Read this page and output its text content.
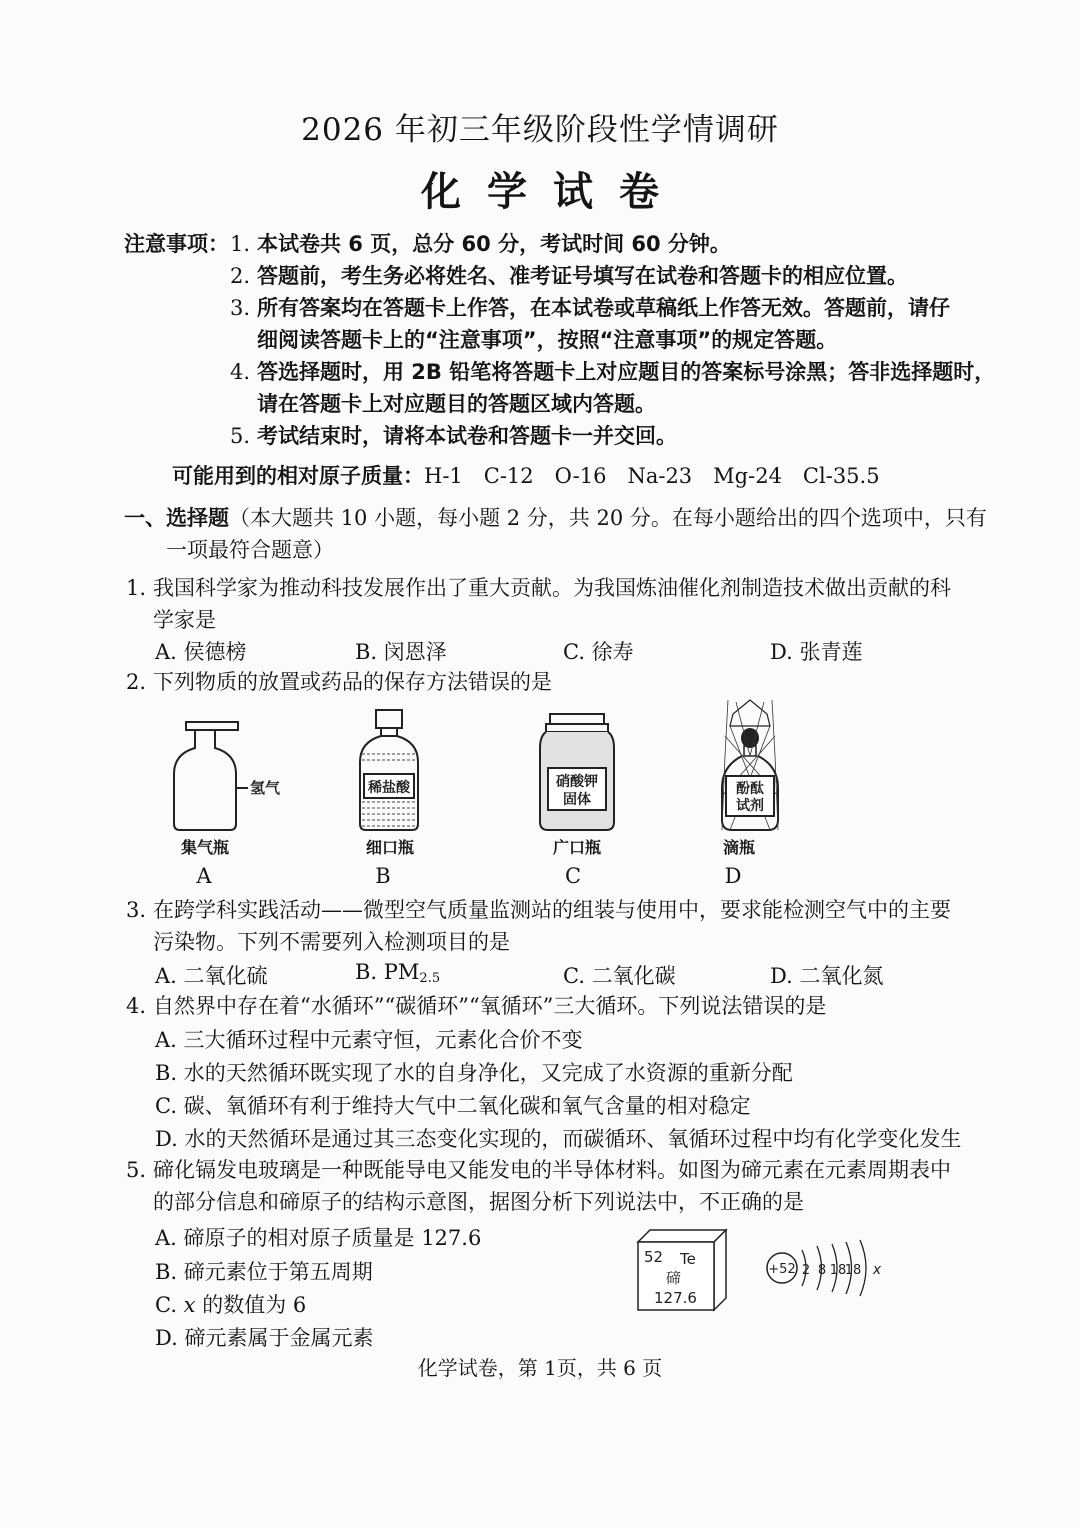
2026 年初三年级阶段性学情调研
化学试卷
注意事项： 1. 本试卷共 6 页，总分 60 分，考试时间 60 分钟。
2. 答题前，考生务必将姓名、准考证号填写在试卷和答题卡的相应位置。
3. 所有答案均在答题卡上作答，在本试卷或草稿纸上作答无效。答题前，请仔
细阅读答题卡上的“注意事项”，按照“注意事项”的规定答题。
4. 答选择题时，用 2B 铅笔将答题卡上对应题目的答案标号涂黑；答非选择题时，
请在答题卡上对应题目的答题区域内答题。
5. 考试结束时，请将本试卷和答题卡一并交回。
可能用到的相对原子质量：H-1　C-12　O-16　Na-23　Mg-24　Cl-35.5
一、选择题（本大题共 10 小题，每小题 2 分，共 20 分。在每小题给出的四个选项中，只有
一项最符合题意）
1. 我国科学家为推动科技发展作出了重大贡献。为我国炼油催化剂制造技术做出贡献的科
学家是
A. 侯德榜	B. 闵恩泽	C. 徐寿	D. 张青莲
2. 下列物质的放置或药品的保存方法错误的是
氢气	稀盐酸	硝酸钾
固体
酚酞
试剂
集气瓶	细口瓶	广口瓶	滴瓶
A	B	C	D
3. 在跨学科实践活动——微型空气质量监测站的组装与使用中，要求能检测空气中的主要
污染物。下列不需要列入检测项目的是
A. 二氧化硫	B. $PM_{2.5}$	C. 二氧化碳	D. 二氧化氮
4. 自然界中存在着“水循环”“碳循环”“氧循环”三大循环。下列说法错误的是
A. 三大循环过程中元素守恒，元素化合价不变
B. 水的天然循环既实现了水的自身净化，又完成了水资源的重新分配
C. 碳、氧循环有利于维持大气中二氧化碳和氧气含量的相对稳定
D. 水的天然循环是通过其三态变化实现的，而碳循环、氧循环过程中均有化学变化发生
5. 碲化镉发电玻璃是一种既能导电又能发电的半导体材料。如图为碲元素在元素周期表中
的部分信息和碲原子的结构示意图，据图分析下列说法中，不正确的是
A. 碲原子的相对原子质量是 127.6
B. 碲元素位于第五周期
C. x 的数值为 6
D. 碲元素属于金属元素
52 Te
碲
127.6
+52 2 8 18
18 x
化学试卷，第 1页，共 6 页
